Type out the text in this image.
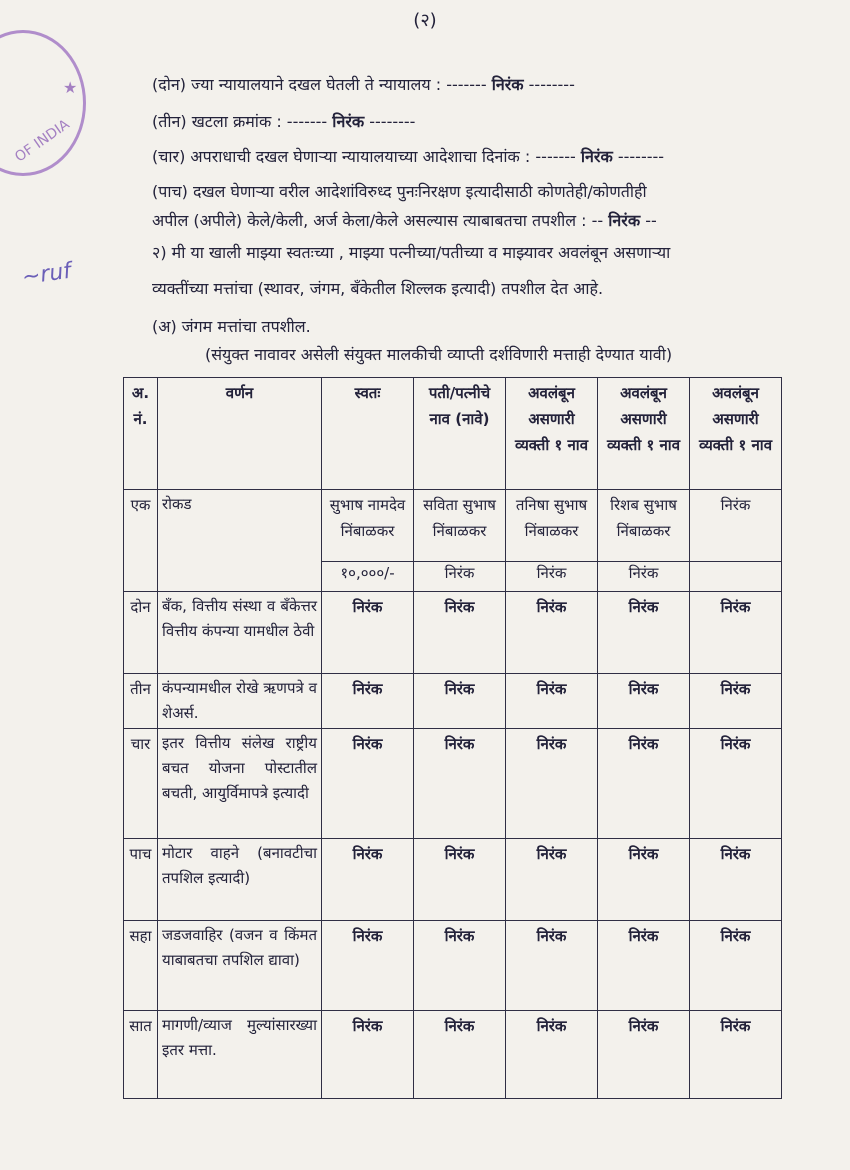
(२)
★
OF INDIA
~ruf
(दोन) ज्या न्यायालयाने दखल घेतली ते न्यायालय : ------- निरंक --------
(तीन) खटला क्रमांक : ------- निरंक --------
(चार) अपराधाची दखल घेणाऱ्या न्यायालयाच्या आदेशाचा दिनांक : ------- निरंक --------
(पाच) दखल घेणाऱ्या वरील आदेशांविरुध्द पुनःनिरक्षण इत्यादीसाठी कोणतेही/कोणतीही
अपील (अपीले) केले/केली, अर्ज केला/केले असल्यास त्याबाबतचा तपशील : -- निरंक --
२) मी या खाली माझ्या स्वतःच्या , माझ्या पत्नीच्या/पतीच्या व माझ्यावर अवलंबून असणाऱ्या
व्यक्तींच्या मत्तांचा (स्थावर, जंगम, बँकेतील शिल्लक इत्यादी) तपशील देत आहे.
(अ) जंगम मत्तांचा तपशील.
(संयुक्त नावावर असेली संयुक्त मालकीची व्याप्ती दर्शविणारी मत्ताही देण्यात यावी)
अ. नं.	वर्णन	स्वतः	पती/पत्नीचे नाव (नावे)	अवलंबून असणारी व्यक्ती १ नाव	अवलंबून असणारी व्यक्ती १ नाव	अवलंबून असणारी व्यक्ती १ नाव
एक	रोकड	सुभाष नामदेव निंबाळकर	सविता सुभाष निंबाळकर	तनिषा सुभाष निंबाळकर	रिशब सुभाष निंबाळकर	निरंक
		१०,०००/-	निरंक	निरंक	निरंक	
दोन	बँक, वित्तीय संस्था व बँकेत्तर वित्तीय कंपन्या यामधील ठेवी	निरंक	निरंक	निरंक	निरंक	निरंक
तीन	कंपन्यामधील रोखे ऋणपत्रे व शेअर्स.	निरंक	निरंक	निरंक	निरंक	निरंक
चार	इतर वित्तीय संलेख राष्ट्रीय बचत योजना पोस्टातील बचती, आयुर्विमापत्रे इत्यादी	निरंक	निरंक	निरंक	निरंक	निरंक
पाच	मोटार वाहने (बनावटीचा तपशिल इत्यादी)	निरंक	निरंक	निरंक	निरंक	निरंक
सहा	जडजवाहिर (वजन व किंमत याबाबतचा तपशिल द्यावा)	निरंक	निरंक	निरंक	निरंक	निरंक
सात	मागणी/व्याज मुल्यांसारख्या इतर मत्ता.	निरंक	निरंक	निरंक	निरंक	निरंक
